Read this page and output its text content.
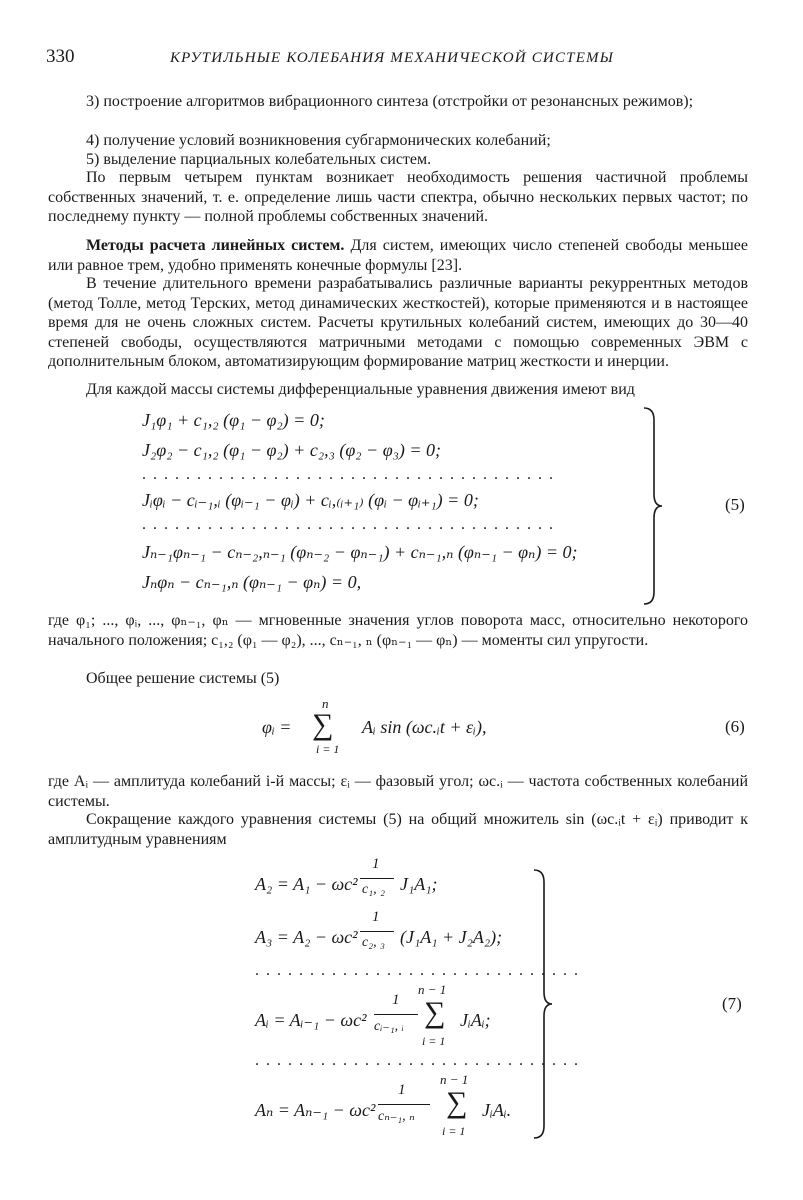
330	КРУТИЛЬНЫЕ КОЛЕБАНИЯ МЕХАНИЧЕСКОЙ СИСТЕМЫ
3) построение алгоритмов вибрационного синтеза (отстройки от резонансных режимов);
4) получение условий возникновения субгармонических колебаний;
5) выделение парциальных колебательных систем.
По первым четырем пунктам возникает необходимость решения частичной проблемы собственных значений, т. е. определение лишь части спектра, обычно нескольких первых частот; по последнему пункту — полной проблемы собственных значений.
Методы расчета линейных систем. Для систем, имеющих число степеней свободы меньшее или равное трем, удобно применять конечные формулы [23].
В течение длительного времени разрабатывались различные варианты рекуррентных методов (метод Толле, метод Терских, метод динамических жесткостей), которые применяются и в настоящее время для не очень сложных систем. Расчеты крутильных колебаний систем, имеющих до 30—40 степеней свободы, осуществляются матричными методами с помощью современных ЭВМ с дополнительным блоком, автоматизирующим формирование матриц жесткости и инерции.
Для каждой массы системы дифференциальные уравнения движения имеют вид
J₁φ₁ + c₁,₂ (φ₁ − φ₂) = 0;
J₂φ₂ − c₁,₂ (φ₁ − φ₂) + c₂,₃ (φ₂ − φ₃) = 0;
......................................
Jᵢφᵢ − cᵢ₋₁,ᵢ (φᵢ₋₁ − φᵢ) + cᵢ,₍ᵢ₊₁₎ (φᵢ − φᵢ₊₁) = 0;
......................................
Jₙ₋₁φₙ₋₁ − cₙ₋₂,ₙ₋₁ (φₙ₋₂ − φₙ₋₁) + cₙ₋₁,ₙ (φₙ₋₁ − φₙ) = 0;
Jₙφₙ − cₙ₋₁,ₙ (φₙ₋₁ − φₙ) = 0,
(5)
где φ₁; ..., φᵢ, ..., φₙ₋₁, φₙ — мгновенные значения углов поворота масс, относительно некоторого начального положения; c₁,₂ (φ₁ — φ₂), ..., cₙ₋₁, ₙ (φₙ₋₁ — φₙ) — моменты сил упругости.
Общее решение системы (5)
φᵢ =
n
∑
i = 1
Aᵢ sin (ωc.ᵢt + εᵢ),	(6)
где Aᵢ — амплитуда колебаний i-й массы; εᵢ — фазовый угол; ωc.ᵢ — частота собственных колебаний системы.
Сокращение каждого уравнения системы (5) на общий множитель sin (ωc.ᵢt + εᵢ) приводит к амплитудным уравнениям
A₂ = A₁ − ωc²
1
c₁, ₂ J₁A₁;
A₃ = A₂ − ωc²
1
c₂, ₃ (J₁A₁ + J₂A₂);
..............................
Aᵢ = Aᵢ₋₁ − ωc²
1
cᵢ₋₁, ᵢ
n − 1
∑
i = 1
JᵢAᵢ;
..............................
Aₙ = Aₙ₋₁ − ωc²
1
cₙ₋₁, ₙ
n − 1
∑
i = 1
JᵢAᵢ.
(7)
